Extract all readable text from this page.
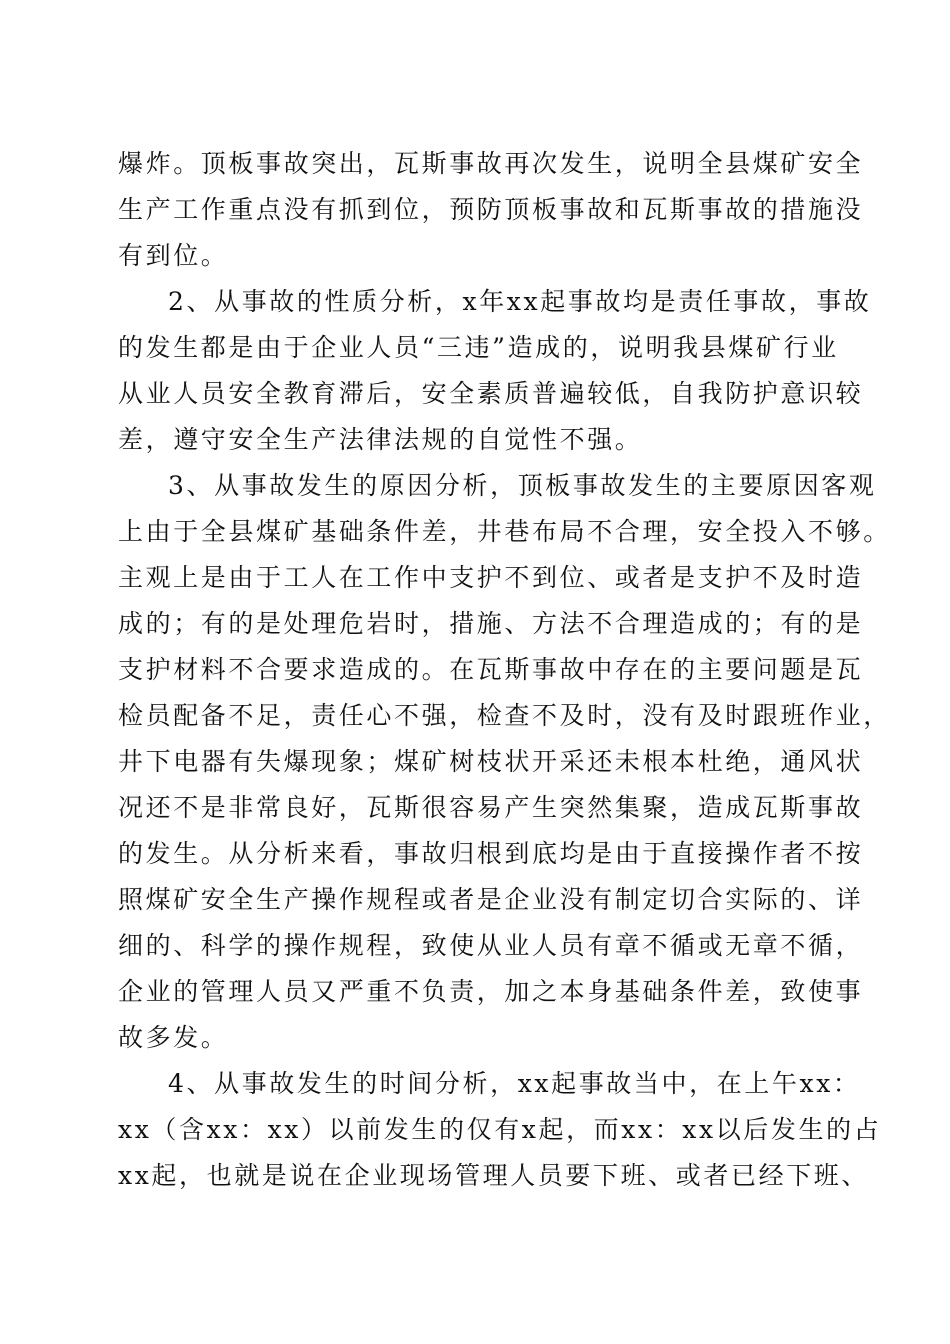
爆炸。顶板事故突出，瓦斯事故再次发生，说明全县煤矿安全
生产工作重点没有抓到位，预防顶板事故和瓦斯事故的措施没
有到位。
2、从事故的性质分析，x年xx起事故均是责任事故，事故
的发生都是由于企业人员“三违”造成的，说明我县煤矿行业
从业人员安全教育滞后，安全素质普遍较低，自我防护意识较
差，遵守安全生产法律法规的自觉性不强。
3、从事故发生的原因分析，顶板事故发生的主要原因客观
上由于全县煤矿基础条件差，井巷布局不合理，安全投入不够。
主观上是由于工人在工作中支护不到位、或者是支护不及时造
成的；有的是处理危岩时，措施、方法不合理造成的；有的是
支护材料不合要求造成的。在瓦斯事故中存在的主要问题是瓦
检员配备不足，责任心不强，检查不及时，没有及时跟班作业，
井下电器有失爆现象；煤矿树枝状开采还未根本杜绝，通风状
况还不是非常良好，瓦斯很容易产生突然集聚，造成瓦斯事故
的发生。从分析来看，事故归根到底均是由于直接操作者不按
照煤矿安全生产操作规程或者是企业没有制定切合实际的、详
细的、科学的操作规程，致使从业人员有章不循或无章不循，
企业的管理人员又严重不负责，加之本身基础条件差，致使事
故多发。
4、从事故发生的时间分析，xx起事故当中，在上午xx：
xx（含xx：xx）以前发生的仅有x起，而xx：xx以后发生的占
xx起，也就是说在企业现场管理人员要下班、或者已经下班、
